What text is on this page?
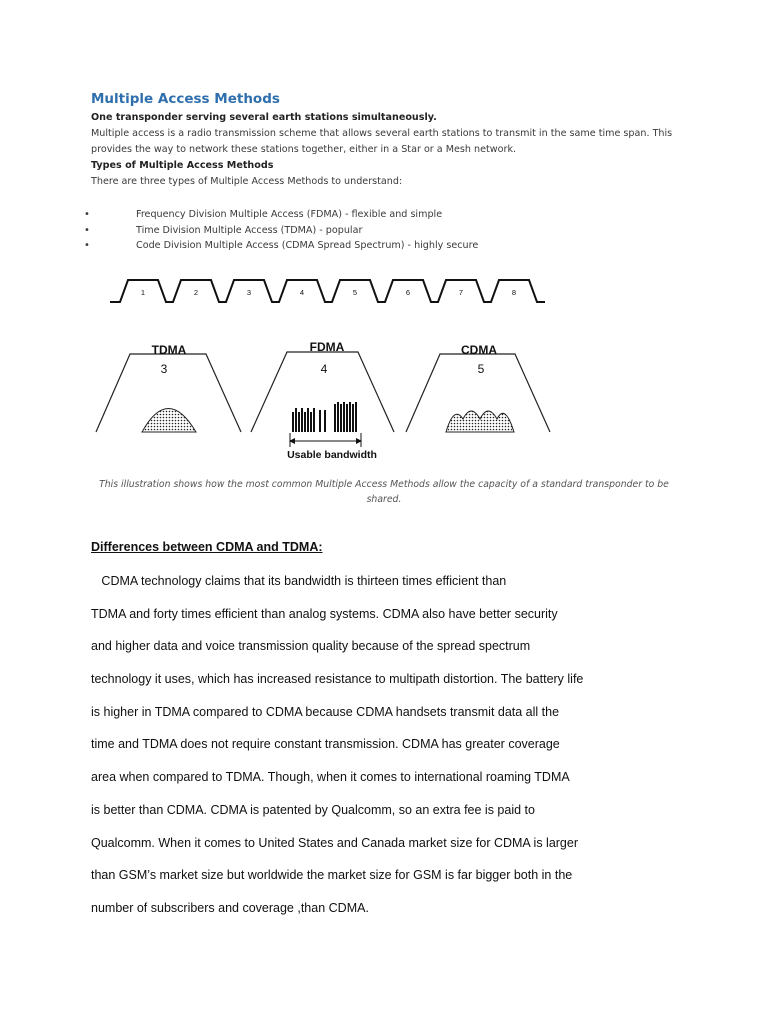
Multiple Access Methods
One transponder serving several earth stations simultaneously.
Multiple access is a radio transmission scheme that allows several earth stations to transmit in the same time span. This
provides the way to network these stations together, either in a Star or a Mesh network.
Types of Multiple Access Methods
There are three types of Multiple Access Methods to understand:
•	Frequency Division Multiple Access (FDMA) - flexible and simple
•	Time Division Multiple Access (TDMA) - popular
•	Code Division Multiple Access (CDMA Spread Spectrum) - highly secure
1	2	3	4	5	6	7	8
TDMA
3
FDMA
4
Usable bandwidth
CDMA
5
This illustration shows how the most common Multiple Access Methods allow the capacity of a standard transponder to be shared.
Differences between CDMA and TDMA:
CDMA technology claims that its bandwidth is thirteen times efficient than
TDMA and forty times efficient than analog systems. CDMA also have better security
and higher data and voice transmission quality because of the spread spectrum
technology it uses, which has increased resistance to multipath distortion. The battery life
is higher in TDMA compared to CDMA because CDMA handsets transmit data all the
time and TDMA does not require constant transmission. CDMA has greater coverage
area when compared to TDMA. Though, when it comes to international roaming TDMA
is better than CDMA. CDMA is patented by Qualcomm, so an extra fee is paid to
Qualcomm. When it comes to United States and Canada market size for CDMA is larger
than GSM’s market size but worldwide the market size for GSM is far bigger both in the
number of subscribers and coverage ,than CDMA.
